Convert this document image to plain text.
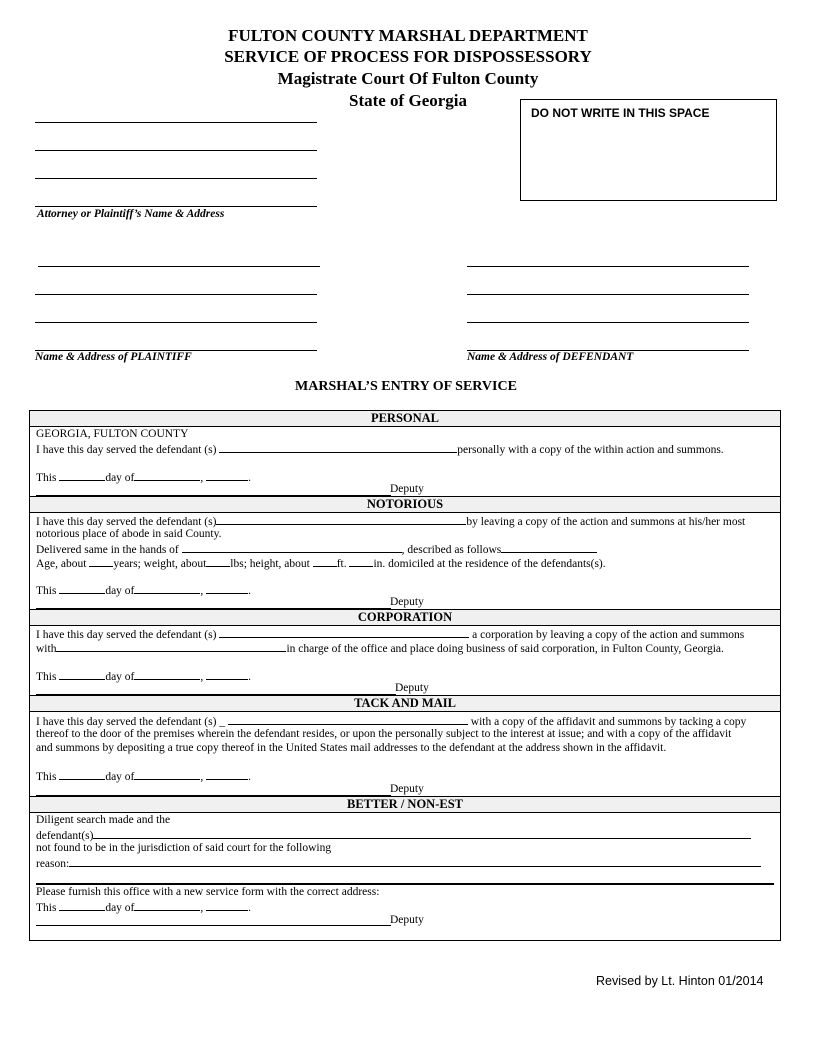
FULTON COUNTY MARSHAL DEPARTMENT
SERVICE OF PROCESS FOR DISPOSSESSORY
Magistrate Court Of Fulton County
State of Georgia
DO NOT WRITE IN THIS SPACE
Attorney or Plaintiff’s Name & Address
Name & Address of PLAINTIFF	Name & Address of DEFENDANT
MARSHAL’S ENTRY OF SERVICE
PERSONAL
GEORGIA, FULTON COUNTY
I have this day served the defendant (s)	personally with a copy of the within action and summons.
This	day of	,	.
Deputy
NOTORIOUS
I have this day served the defendant (s)	by leaving a copy of the action and summons at his/her most
notorious place of abode in said County.
Delivered same in the hands of	, described as follows
Age, about years; weight, about lbs; height, about ft. in. domiciled at the residence of the defendants(s).
This	day of	,	.
Deputy
CORPORATION
I have this day served the defendant (s)	a corporation by leaving a copy of the action and summons
with	in charge of the office and place doing business of said corporation, in Fulton County, Georgia.
This	day of	,	.
Deputy
TACK AND MAIL
I have this day served the defendant (s) _	with a copy of the affidavit and summons by tacking a copy
thereof to the door of the premises wherein the defendant resides, or upon the personally subject to the interest at issue; and with a copy of the affidavit
and summons by depositing a true copy thereof in the United States mail addresses to the defendant at the address shown in the affidavit.
This	day of	,	.
Deputy
BETTER / NON-EST
Diligent search made and the
defendant(s)
not found to be in the jurisdiction of said court for the following
reason:
Please furnish this office with a new service form with the correct address:
This	day of	,	.
Deputy
Revised by Lt. Hinton 01/2014
